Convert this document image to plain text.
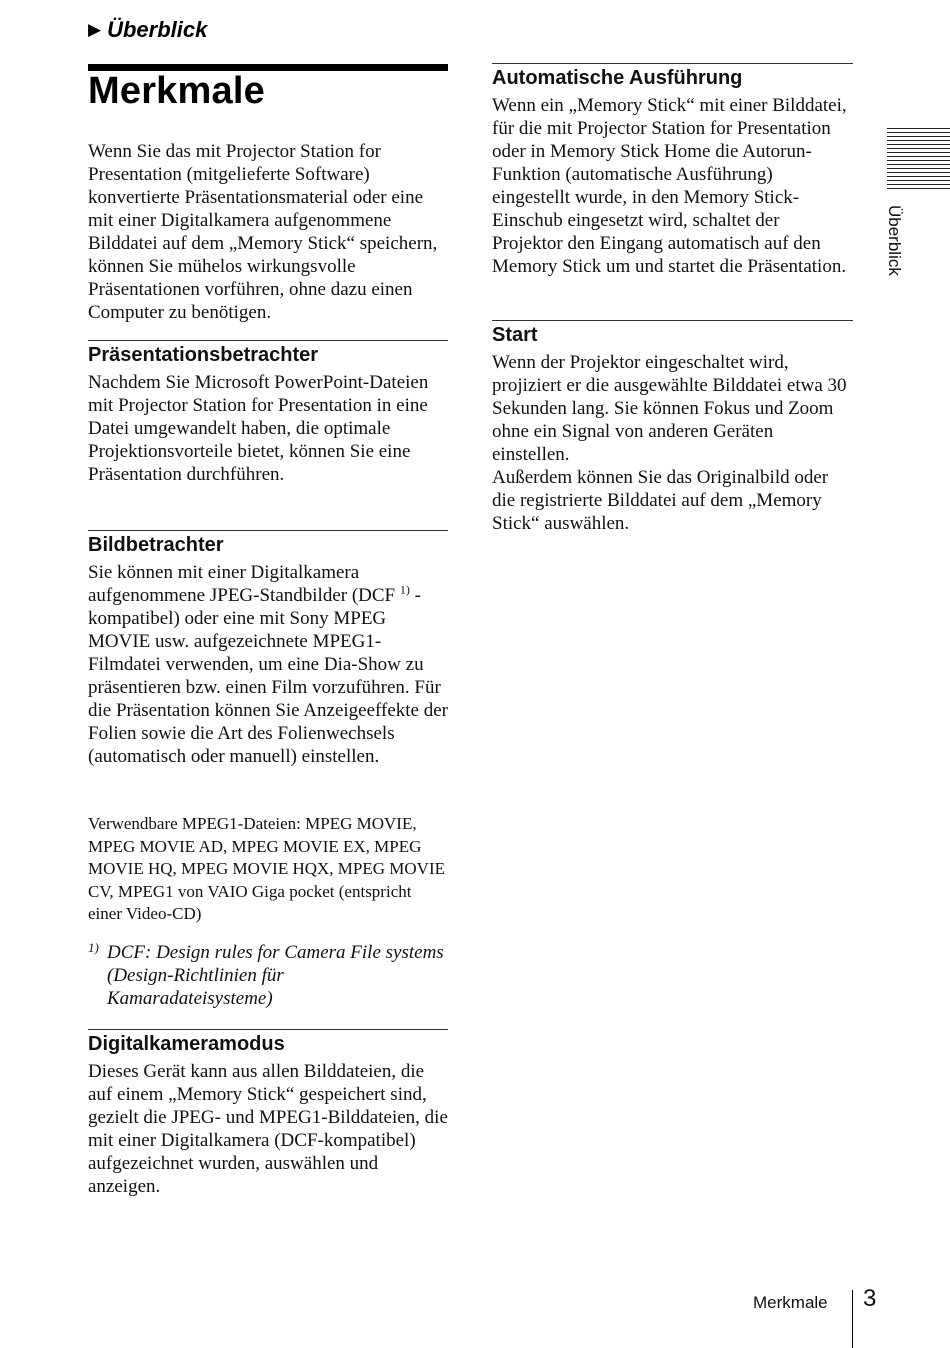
▶ Überblick
Merkmale

Wenn Sie das mit Projector Station for Presentation (mitgelieferte Software) konvertierte Präsentationsmaterial oder eine mit einer Digitalkamera aufgenommene Bilddatei auf dem „Memory Stick“ speichern, können Sie mühelos wirkungsvolle Präsentationen vorführen, ohne dazu einen Computer zu benötigen.

Präsentationsbetrachter

Nachdem Sie Microsoft PowerPoint-Dateien mit Projector Station for Presentation in eine Datei umgewandelt haben, die optimale Projektionsvorteile bietet, können Sie eine Präsentation durchführen.

Bildbetrachter

Sie können mit einer Digitalkamera aufgenommene JPEG-Standbilder (DCF $^{1)}$ -kompatibel) oder eine mit Sony MPEG MOVIE usw. aufgezeichnete MPEG1-Filmdatei verwenden, um eine Dia-Show zu präsentieren bzw. einen Film vorzuführen. Für die Präsentation können Sie Anzeigeeffekte der Folien sowie die Art des Folienwechsels (automatisch oder manuell) einstellen.

Verwendbare MPEG1-Dateien: MPEG MOVIE, MPEG MOVIE AD, MPEG MOVIE EX, MPEG MOVIE HQ, MPEG MOVIE HQX, MPEG MOVIE CV, MPEG1 von VAIO Giga pocket (entspricht einer Video-CD)

1) DCF: Design rules for Camera File systems (Design-Richtlinien für Kamaradateisysteme)
Digitalkameramodus

Dieses Gerät kann aus allen Bilddateien, die auf einem „Memory Stick“ gespeichert sind, gezielt die JPEG- und MPEG1-Bilddateien, die mit einer Digitalkamera (DCF-kompatibel) aufgezeichnet wurden, auswählen und anzeigen.

Automatische Ausführung

Wenn ein „Memory Stick“ mit einer Bilddatei, für die mit Projector Station for Presentation oder in Memory Stick Home die Autorun-Funktion (automatische Ausführung) eingestellt wurde, in den Memory Stick-Einschub eingesetzt wird, schaltet der Projektor den Eingang automatisch auf den Memory Stick um und startet die Präsentation.

Start

Wenn der Projektor eingeschaltet wird, projiziert er die ausgewählte Bilddatei etwa 30 Sekunden lang. Sie können Fokus und Zoom ohne ein Signal von anderen Geräten einstellen.

Außerdem können Sie das Originalbild oder die registrierte Bilddatei auf dem „Memory Stick“ auswählen.

Überblick
Merkmale 3
